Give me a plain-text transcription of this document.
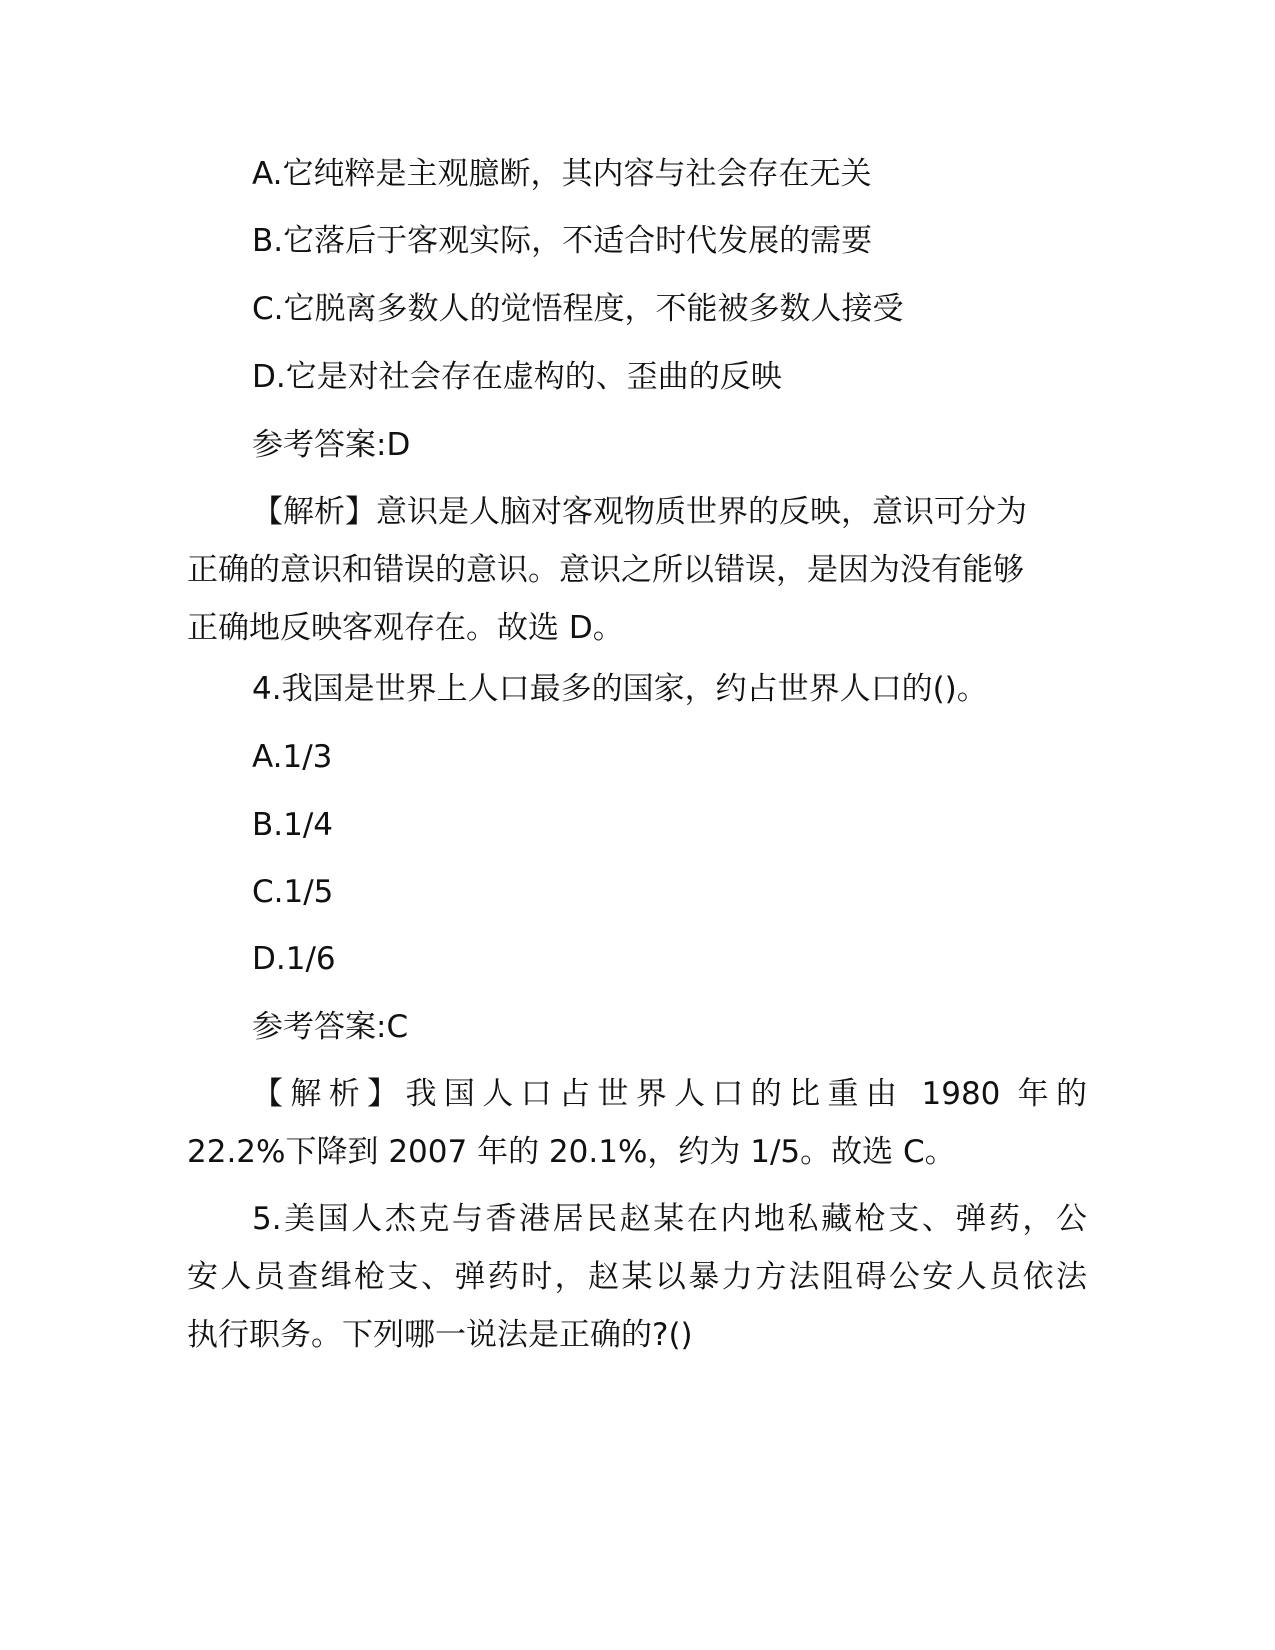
A.它纯粹是主观臆断，其内容与社会存在无关

B.它落后于客观实际，不适合时代发展的需要

C.它脱离多数人的觉悟程度，不能被多数人接受

D.它是对社会存在虚构的、歪曲的反映

参考答案:D

【解析】意识是人脑对客观物质世界的反映，意识可分为

正确的意识和错误的意识。意识之所以错误，是因为没有能够

正确地反映客观存在。故选 D。

4.我国是世界上人口最多的国家，约占世界人口的()。

A.1/3

B.1/4

C.1/5

D.1/6

参考答案:C

【解析】我国人口占世界人口的比重由 1980 年的

22.2%下降到 2007 年的 20.1%，约为 1/5。故选 C。

5.美国人杰克与香港居民赵某在内地私藏枪支、弹药，公

安人员查缉枪支、弹药时，赵某以暴力方法阻碍公安人员依法

执行职务。下列哪一说法是正确的?()
